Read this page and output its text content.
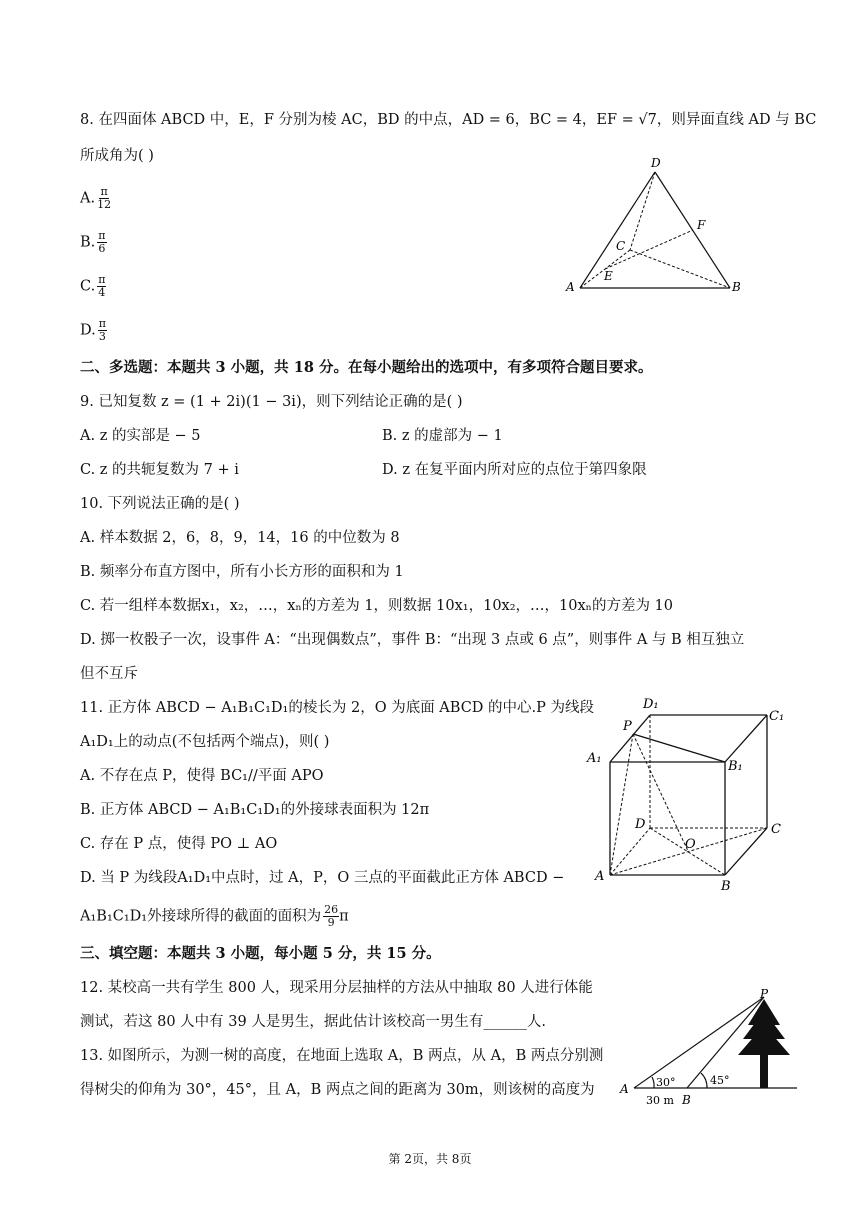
8. 在四面体 ABCD 中，E，F 分别为棱 AC，BD 的中点，AD = 6，BC = 4，EF = √7，则异面直线 AD 与 BC
所成角为( )
A. $\frac{\pi}{12}$
B. $\frac{\pi}{6}$
C. $\frac{\pi}{4}$
D. $\frac{\pi}{3}$
D
F
C
E
A	B
二、多选题：本题共 3 小题，共 18 分。在每小题给出的选项中，有多项符合题目要求。
9. 已知复数 z = (1 + 2i)(1 − 3i)，则下列结论正确的是( )
A. z 的实部是 − 5	B. z 的虚部为 − 1
C. z 的共轭复数为 7 + i	D. z 在复平面内所对应的点位于第四象限
10. 下列说法正确的是( )
A. 样本数据 2，6，8，9，14，16 的中位数为 8
B. 频率分布直方图中，所有小长方形的面积和为 1
C. 若一组样本数据x₁，x₂，…，xₙ的方差为 1，则数据 10x₁，10x₂，…，10xₙ的方差为 10
D. 掷一枚骰子一次，设事件 A：“出现偶数点”，事件 B：“出现 3 点或 6 点”，则事件 A 与 B 相互独立
但不互斥
11. 正方体 ABCD − A₁B₁C₁D₁的棱长为 2，O 为底面 ABCD 的中心.P 为线段
A₁D₁上的动点(不包括两个端点)，则( )
A. 不存在点 P，使得 BC₁//平面 APO
B. 正方体 ABCD − A₁B₁C₁D₁的外接球表面积为 12π
C. 存在 P 点，使得 PO ⊥ AO
D. 当 P 为线段A₁D₁中点时，过 A，P，O 三点的平面截此正方体 ABCD −
A₁B₁C₁D₁外接球所得的截面的面积为 $\frac{26}{9}$ π
D₁
C₁
P
A₁
B₁
D	C
O
A
B
三、填空题：本题共 3 小题，每小题 5 分，共 15 分。
12. 某校高一共有学生 800 人，现采用分层抽样的方法从中抽取 80 人进行体能
测试，若这 80 人中有 39 人是男生，据此估计该校高一男生有______人.
13. 如图所示，为测一树的高度，在地面上选取 A，B 两点，从 A，B 两点分别测
得树尖的仰角为 30°，45°，且 A，B 两点之间的距离为 30m，则该树的高度为
P
A
B
30°	45°
30 m
第 2页，共 8页
